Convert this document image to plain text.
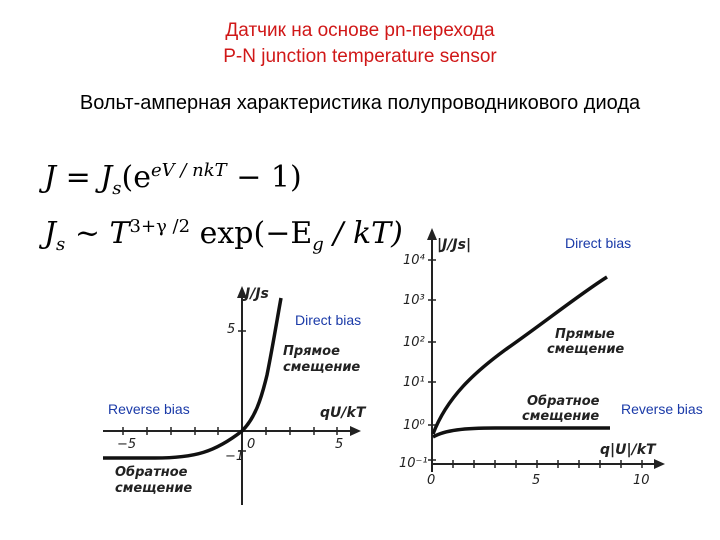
Датчик на основе pn-перехода
P-N junction temperature sensor
Вольт-амперная характеристика полупроводникового диода
$J = J_s(e^{eV / nkT} - 1)$
$J_s$ ~ $T^{3+\gamma /2}$ $\exp(-E_g / kT)$
J/Js
qU/kT
5
−1
−5	0	5
Прямое
смещение
Обратное
смещение
|J/Js|
q|U|/kT
10⁴
10³
10²
10¹
10⁰
10⁻¹
0	5	10
Прямые
смещение
Обратное
смещение
Direct bias
Reverse bias
Direct bias
Reverse bias
